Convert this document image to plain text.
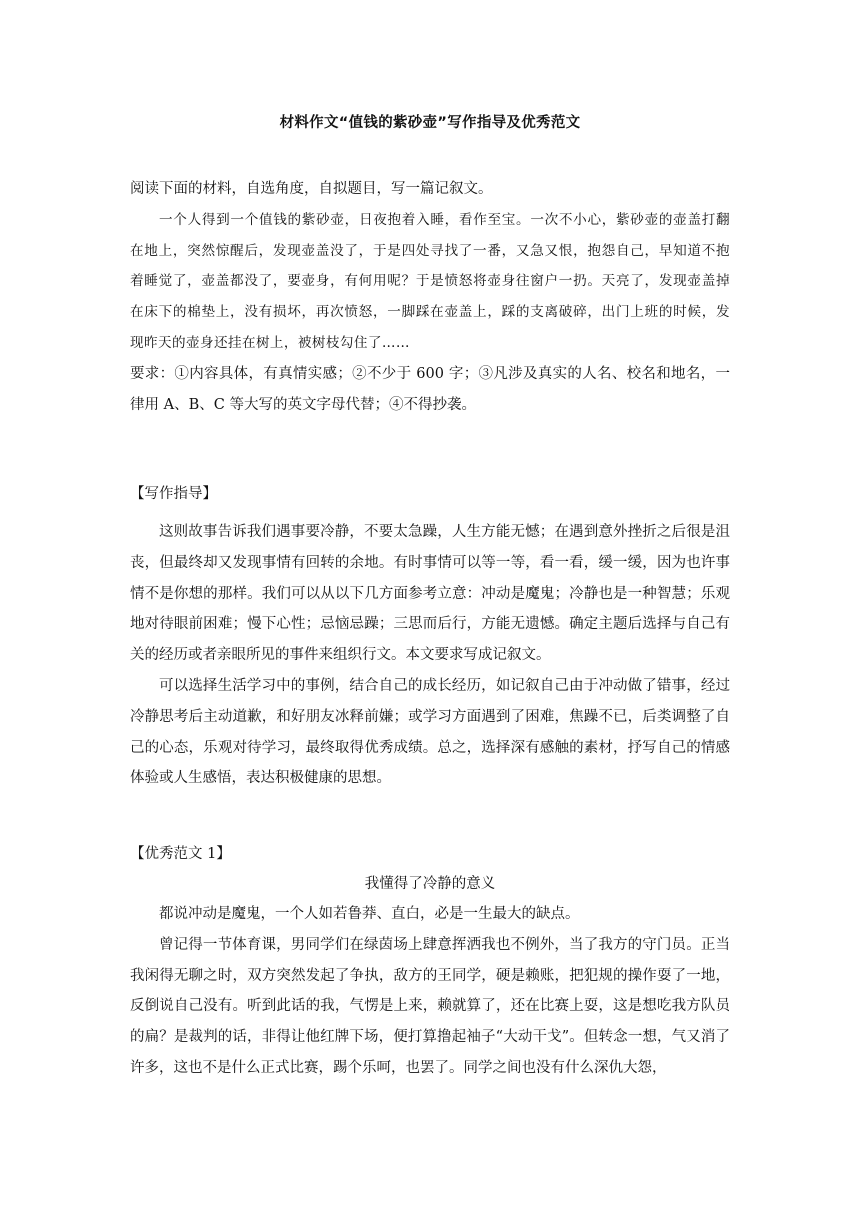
材料作文“值钱的紫砂壶”写作指导及优秀范文

阅读下面的材料，自选角度，自拟题目，写一篇记叙文。

一个人得到一个值钱的紫砂壶，日夜抱着入睡，看作至宝。一次不小心，紫砂壶的壶盖打翻在地上，突然惊醒后，发现壶盖没了，于是四处寻找了一番，又急又恨，抱怨自己，早知道不抱着睡觉了，壶盖都没了，要壶身，有何用呢？于是愤怒将壶身往窗户一扔。天亮了，发现壶盖掉在床下的棉垫上，没有损坏，再次愤怒，一脚踩在壶盖上，踩的支离破碎，出门上班的时候，发现昨天的壶身还挂在树上，被树枝勾住了……

要求：①内容具体，有真情实感；②不少于 600 字；③凡涉及真实的人名、校名和地名，一律用 A、B、C 等大写的英文字母代替；④不得抄袭。

【写作指导】

这则故事告诉我们遇事要冷静，不要太急躁，人生方能无憾；在遇到意外挫折之后很是沮丧，但最终却又发现事情有回转的余地。有时事情可以等一等，看一看，缓一缓，因为也许事情不是你想的那样。我们可以从以下几方面参考立意：冲动是魔鬼；冷静也是一种智慧；乐观地对待眼前困难；慢下心性；忌恼忌躁；三思而后行，方能无遗憾。确定主题后选择与自己有关的经历或者亲眼所见的事件来组织行文。本文要求写成记叙文。

可以选择生活学习中的事例，结合自己的成长经历，如记叙自己由于冲动做了错事，经过冷静思考后主动道歉，和好朋友冰释前嫌；或学习方面遇到了困难，焦躁不已，后类调整了自己的心态，乐观对待学习，最终取得优秀成绩。总之，选择深有感触的素材，抒写自己的情感体验或人生感悟，表达积极健康的思想。

【优秀范文 1】

我懂得了冷静的意义

都说冲动是魔鬼，一个人如若鲁莽、直白，必是一生最大的缺点。

曾记得一节体育课，男同学们在绿茵场上肆意挥洒我也不例外，当了我方的守门员。正当我闲得无聊之时，双方突然发起了争执，敌方的王同学，硬是赖账，把犯规的操作耍了一地，反倒说自己没有。听到此话的我，气愣是上来，赖就算了，还在比赛上耍，这是想吃我方队员的扁？是裁判的话，非得让他红牌下场，便打算撸起袖子“大动干戈”。但转念一想，气又消了许多，这也不是什么正式比赛，踢个乐呵，也罢了。同学之间也没有什么深仇大怨，
